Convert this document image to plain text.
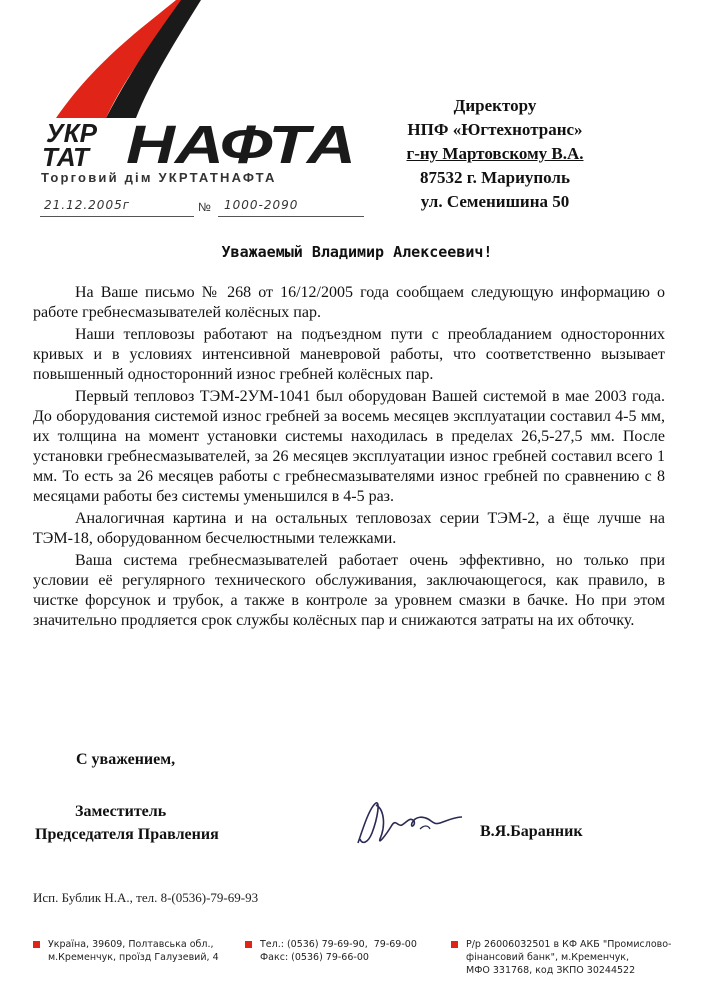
УКР
ТАТ НАФТА
Торговий дім УКРТАТНАФТА
21.12.2005г	№	1000-2090
Директору
НПФ «Югтехнотранс»
г-ну Мартовскому В.А.
87532 г. Мариуполь
ул. Семенишина 50
Уважаемый Владимир Алексеевич!

На Ваше письмо № 268 от 16/12/2005 года сообщаем следующую информацию о работе гребнесмазывателей колёсных пар.

Наши тепловозы работают на подъездном пути с преобладанием односторонних кривых и в условиях интенсивной маневровой работы, что соответственно вызывает повышенный односторонний износ гребней колёсных пар.

Первый тепловоз ТЭМ-2УМ-1041 был оборудован Вашей системой в мае 2003 года. До оборудования системой износ гребней за восемь месяцев эксплуатации составил 4-5 мм, их толщина на момент установки системы находилась в пределах 26,5-27,5 мм. После установки гребнесмазывателей, за 26 месяцев эксплуатации износ гребней составил всего 1 мм. То есть за 26 месяцев работы с гребнесмазывателями износ гребней по сравнению с 8 месяцами работы без системы уменьшился в 4-5 раз.

Аналогичная картина и на остальных тепловозах серии ТЭМ-2, а ёще лучше на ТЭМ-18, оборудованном бесчелюстными тележками.

Ваша система гребнесмазывателей работает очень эффективно, но только при условии её регулярного технического обслуживания, заключающегося, как правило, в чистке форсунок и трубок, а также в контроле за уровнем смазки в бачке. Но при этом значительно продляется срок службы колёсных пар и снижаются затраты на их обточку.

С уважением,
Заместитель
Председателя Правления	В.Я.Баранник
Исп. Бублик Н.А., тел. 8-(0536)-79-69-93
Україна, 39609, Полтавська обл.,
м.Кременчук, проїзд Галузевий, 4
Тел.: (0536) 79-69-90,  79-69-00
Факс: (0536) 79-66-00
Р/р 26006032501 в КФ АКБ "Промислово-
фінансовий банк", м.Кременчук,
МФО 331768, код ЗКПО 30244522
